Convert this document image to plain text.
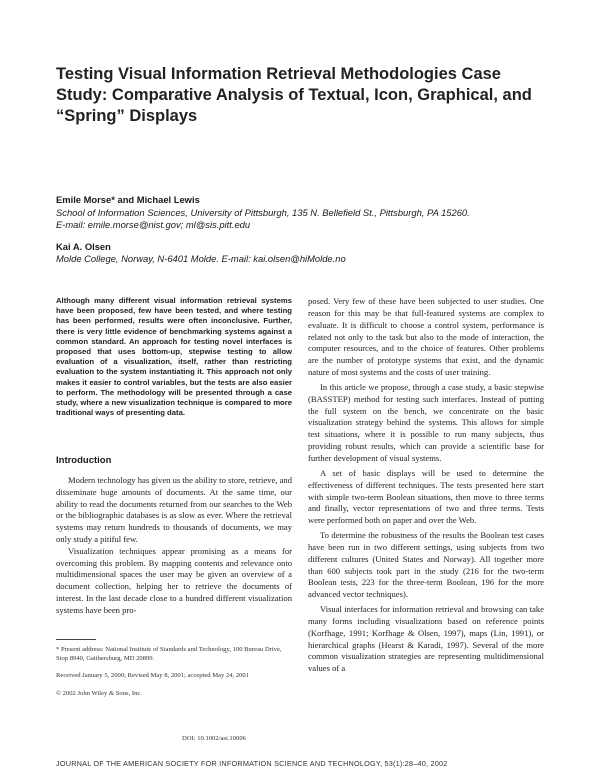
Testing Visual Information Retrieval Methodologies Case Study: Comparative Analysis of Textual, Icon, Graphical, and “Spring” Displays
Emile Morse* and Michael Lewis
School of Information Sciences, University of Pittsburgh, 135 N. Bellefield St., Pittsburgh, PA 15260.
E-mail: emile.morse@nist.gov; ml@sis.pitt.edu
Kai A. Olsen
Molde College, Norway, N-6401 Molde. E-mail: kai.olsen@hiMolde.no
Although many different visual information retrieval systems have been proposed, few have been tested, and where testing has been performed, results were often inconclusive. Further, there is very little evidence of benchmarking systems against a common standard. An approach for testing novel interfaces is proposed that uses bottom-up, stepwise testing to allow evaluation of a visualization, itself, rather than restricting evaluation to the system instantiating it. This approach not only makes it easier to control variables, but the tests are also easier to perform. The methodology will be presented through a case study, where a new visualization technique is compared to more traditional ways of presenting data.
Introduction

Modern technology has given us the ability to store, retrieve, and disseminate huge amounts of documents. At the same time, our ability to read the documents returned from our searches to the Web or the bibliographic databases is as slow as ever. Where the retrieval systems may return hundreds to thousands of documents, we may only study a pitiful few.

Visualization techniques appear promising as a means for overcoming this problem. By mapping contents and relevance onto multidimensional spaces the user may be given an overview of a document collection, helping her to retrieve the documents of interest. In the last decade close to a hundred different visualization systems have been pro-

posed. Very few of these have been subjected to user studies. One reason for this may be that full-featured systems are complex to evaluate. It is difficult to choose a control system, performance is related not only to the task but also to the mode of interaction, the computer resources, and to the choice of features. Other problems are the number of prototype systems that exist, and the dynamic nature of most systems and the costs of user training.

In this article we propose, through a case study, a basic stepwise (BASSTEP) method for testing such interfaces. Instead of putting the full system on the bench, we concentrate on the basic visualization strategy behind the systems. This allows for simple test situations, where it is possible to run many subjects, thus providing robust results, which can provide a scientific base for further development of visual systems.

A set of basic displays will be used to determine the effectiveness of different techniques. The tests presented here start with simple two-term Boolean situations, then move to three terms and finally, vector representations of two and three terms. Tests were performed both on paper and over the Web.

To determine the robustness of the results the Boolean test cases have been run in two different settings, using subjects from two different cultures (United States and Norway). All together more than 600 subjects took part in the study (216 for the two-term Boolean tests, 223 for the three-term Boolean, 196 for the more advanced vector techniques).

Visual interfaces for information retrieval and browsing can take many forms including visualizations based on reference points (Korfhage, 1991; Korfhage & Olsen, 1997), maps (Lin, 1991), or hierarchical graphs (Hearst & Karadi, 1997). Several of the more common visualization strategies are representing multidimensional values of a

* Present address: National Institute of Standards and Technology, 100 Bureau Drive, Stop 8940, Gaithersburg, MD 20899.
Received January 5, 2000; Revised May 8, 2001; accepted May 24, 2001
© 2002 John Wiley & Sons, Inc.
DOI: 10.1002/asi.10006
JOURNAL OF THE AMERICAN SOCIETY FOR INFORMATION SCIENCE AND TECHNOLOGY, 53(1):28–40, 2002
